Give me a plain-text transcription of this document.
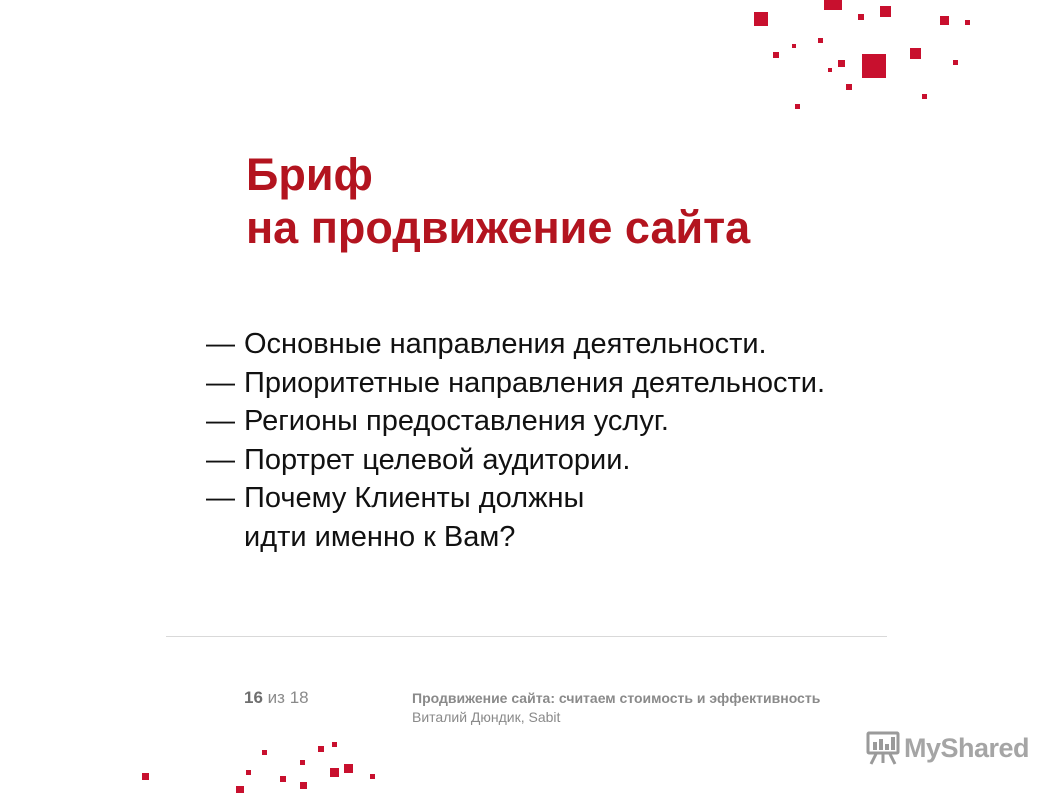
Бриф
на продвижение сайта
— Основные направления деятельности.
— Приоритетные направления деятельности.
— Регионы предоставления услуг.
— Портрет целевой аудитории.
— Почему Клиенты должны
идти именно к Вам?
16 из 18	Продвижение сайта: считаем стоимость и эффективность
Виталий Дюндик, Sabit
MyShared
